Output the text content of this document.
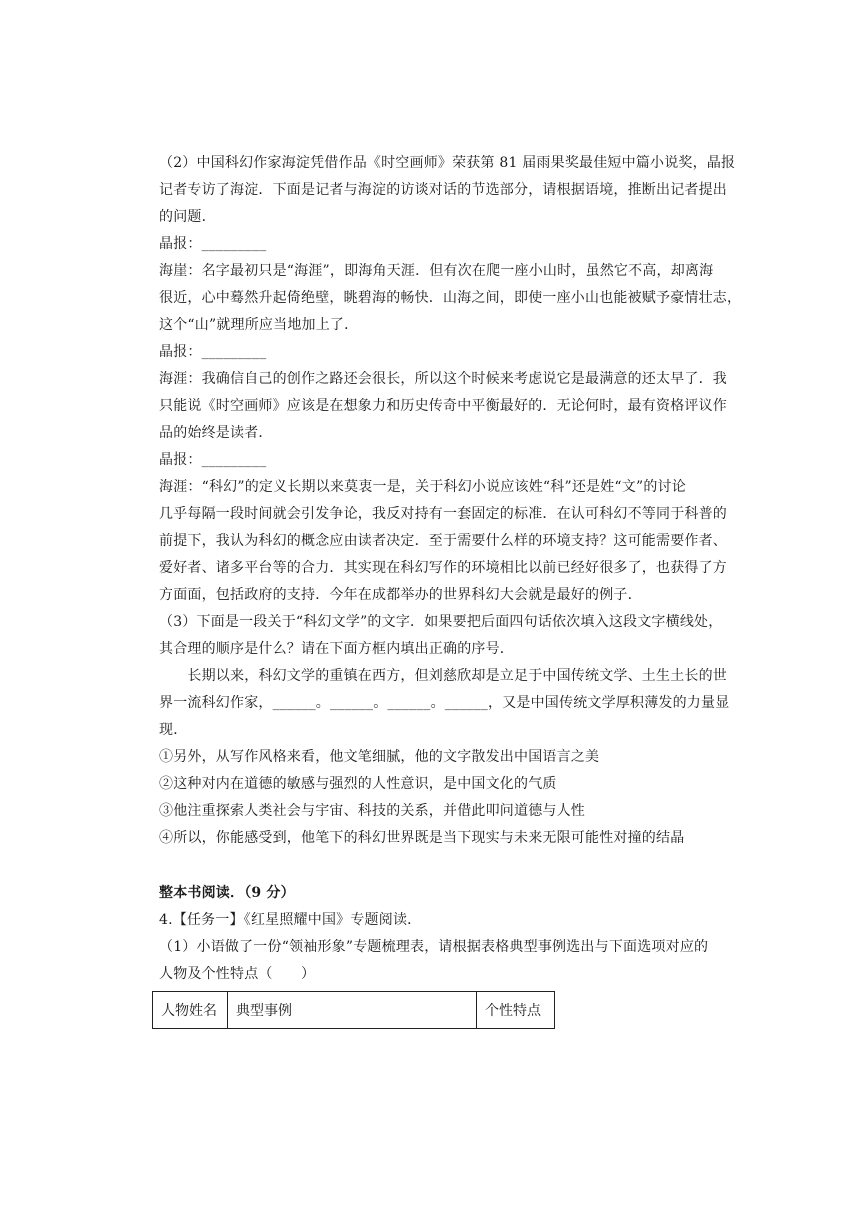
（2）中国科幻作家海淀凭借作品《时空画师》荣获第 81 届雨果奖最佳短中篇小说奖，晶报
记者专访了海淀．下面是记者与海淀的访谈对话的节选部分，请根据语境，推断出记者提出
的问题．
晶报：_________
海崖：名字最初只是“海涯”，即海角天涯．但有次在爬一座小山时，虽然它不高，却离海
很近，心中蓦然升起倚绝壁，眺碧海的畅快．山海之间，即使一座小山也能被赋予豪情壮志，
这个“山”就理所应当地加上了．
晶报：_________
海涯：我确信自己的创作之路还会很长，所以这个时候来考虑说它是最满意的还太早了．我
只能说《时空画师》应该是在想象力和历史传奇中平衡最好的．无论何时，最有资格评议作
品的始终是读者．
晶报：_________
海涯：“科幻”的定义长期以来莫衷一是，关于科幻小说应该姓“科”还是姓“文”的讨论
几乎每隔一段时间就会引发争论，我反对持有一套固定的标准．在认可科幻不等同于科普的
前提下，我认为科幻的概念应由读者决定．至于需要什么样的环境支持？这可能需要作者、
爱好者、诸多平台等的合力．其实现在科幻写作的环境相比以前已经好很多了，也获得了方
方面面，包括政府的支持．今年在成都举办的世界科幻大会就是最好的例子．
（3）下面是一段关于“科幻文学”的文字．如果要把后面四句话依次填入这段文字横线处，
其合理的顺序是什么？请在下面方框内填出正确的序号．
　　长期以来，科幻文学的重镇在西方，但刘慈欣却是立足于中国传统文学、土生土长的世
界一流科幻作家，______。______。______。______，又是中国传统文学厚积薄发的力量显
现．
①另外，从写作风格来看，他文笔细腻，他的文字散发出中国语言之美
②这种对内在道德的敏感与强烈的人性意识，是中国文化的气质
③他注重探索人类社会与宇宙、科技的关系，并借此叩问道德与人性
④所以，你能感受到，他笔下的科幻世界既是当下现实与未来无限可能性对撞的结晶
整本书阅读．（9 分）
4.【任务一】《红星照耀中国》专题阅读．
（1）小语做了一份“领袖形象”专题梳理表，请根据表格典型事例选出与下面选项对应的
人物及个性特点（　　）
人物姓名	典型事例	个性特点
